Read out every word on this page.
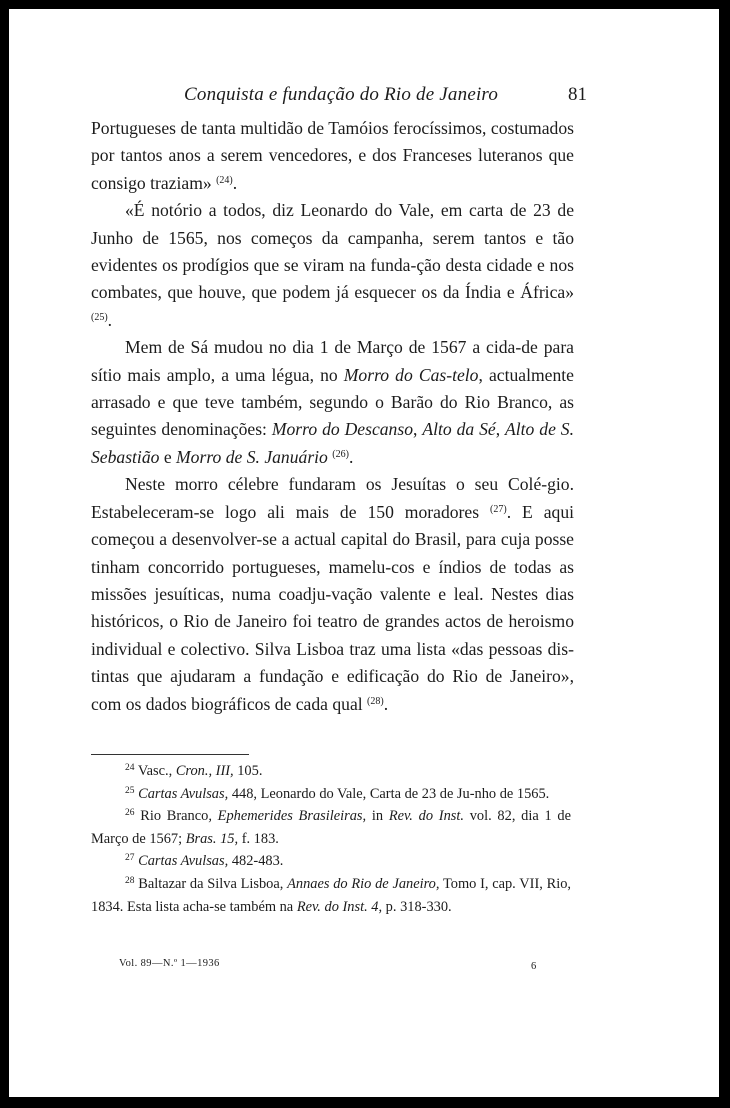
Conquista e fundação do Rio de Janeiro	81

Portugueses de tanta multidão de Tamóios ferocíssimos, costumados por tantos anos a serem vencedores, e dos Franceses luteranos que consigo traziam» $^{(24)}$.

«É notório a todos, diz Leonardo do Vale, em carta de 23 de Junho de 1565, nos começos da campanha, serem tantos e tão evidentes os prodígios que se viram na funda-ção desta cidade e nos combates, que houve, que podem já esquecer os da Índia e África» $^{(25)}$.

Mem de Sá mudou no dia 1 de Março de 1567 a cida-de para sítio mais amplo, a uma légua, no Morro do Cas-telo, actualmente arrasado e que teve também, segundo o Barão do Rio Branco, as seguintes denominações: Morro do Descanso, Alto da Sé, Alto de S. Sebastião e Morro de S. Januário $^{(26)}$.

Neste morro célebre fundaram os Jesuítas o seu Colé-gio. Estabeleceram-se logo ali mais de 150 moradores $^{(27)}$. E aqui começou a desenvolver-se a actual capital do Brasil, para cuja posse tinham concorrido portugueses, mamelu-cos e índios de todas as missões jesuíticas, numa coadju-vação valente e leal. Nestes dias históricos, o Rio de Janeiro foi teatro de grandes actos de heroismo individual e colectivo. Silva Lisboa traz uma lista «das pessoas dis-tintas que ajudaram a fundação e edificação do Rio de Janeiro», com os dados biográficos de cada qual $^{(28)}$.

$^{24}$ Vasc., Cron., III, 105.

$^{25}$ Cartas Avulsas, 448, Leonardo do Vale, Carta de 23 de Ju-nho de 1565.

$^{26}$ Rio Branco, Ephemerides Brasileiras, in Rev. do Inst. vol. 82, dia 1 de Março de 1567; Bras. 15, f. 183.

$^{27}$ Cartas Avulsas, 482-483.

$^{28}$ Baltazar da Silva Lisboa, Annaes do Rio de Janeiro, Tomo I, cap. VII, Rio, 1834. Esta lista acha-se também na Rev. do Inst. 4, p. 318-330.

Vol. 89—N.º 1—1936	6
